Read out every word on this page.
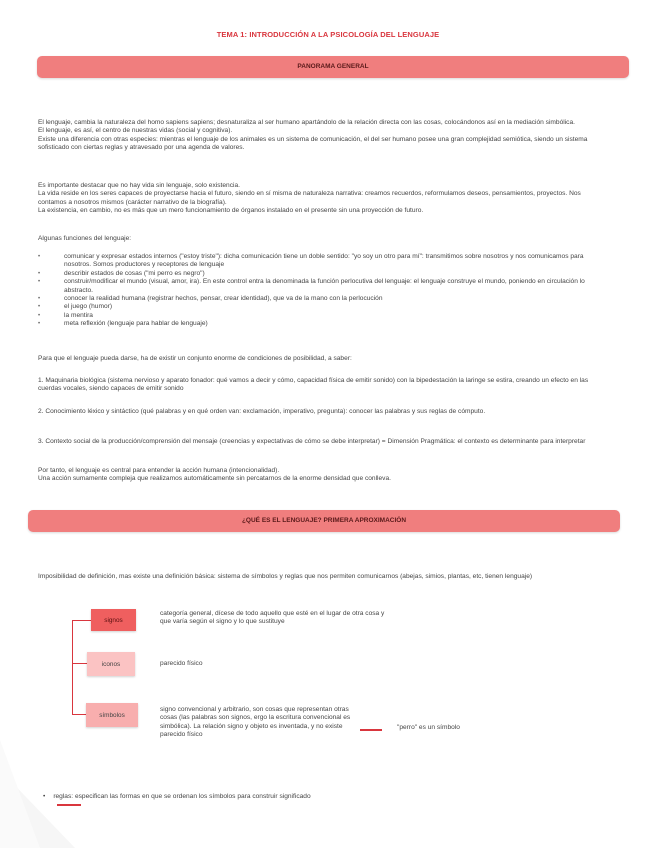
TEMA 1: INTRODUCCIÓN A LA PSICOLOGÍA DEL LENGUAJE
PANORAMA GENERAL

El lenguaje, cambia la naturaleza del homo sapiens sapiens; desnaturaliza al ser humano apartándolo de la relación directa con las cosas, colocándonos así en la mediación simbólica.

El lenguaje, es así, el centro de nuestras vidas (social y cognitiva).

Existe una diferencia con otras especies: mientras el lenguaje de los animales es un sistema de comunicación, el del ser humano posee una gran complejidad semiótica, siendo un sistema sofisticado con ciertas reglas y atravesado por una agenda de valores.

Es importante destacar que no hay vida sin lenguaje, solo existencia.

La vida reside en los seres capaces de proyectarse hacia el futuro, siendo en sí misma de naturaleza narrativa: creamos recuerdos, reformulamos deseos, pensamientos, proyectos. Nos contamos a nosotros mismos (carácter narrativo de la biografía).

La existencia, en cambio, no es más que un mero funcionamiento de órganos instalado en el presente sin una proyección de futuro.

Algunas funciones del lenguaje:
• comunicar y expresar estados internos ("estoy triste"): dicha comunicación tiene un doble sentido: "yo soy un otro para mí": transmitimos sobre nosotros y nos comunicamos para nosotros. Somos productores y receptores de lenguaje
• describir estados de cosas ("mi perro es negro")
• construir/modificar el mundo (visual, amor, ira). En este control entra la denominada la función perlocutiva del lenguaje: el lenguaje construye el mundo, poniendo en circulación lo abstracto.
• conocer la realidad humana (registrar hechos, pensar, crear identidad), que va de la mano con la perlocución
• el juego (humor)
• la mentira
• meta reflexión (lenguaje para hablar de lenguaje)
Para que el lenguaje pueda darse, ha de existir un conjunto enorme de condiciones de posibilidad, a saber:
1. Maquinaria biológica (sistema nervioso y aparato fonador: qué vamos a decir y cómo, capacidad física de emitir sonido) con la bipedestación la laringe se estira, creando un efecto en las cuerdas vocales, siendo capaces de emitir sonido
2. Conocimiento léxico y sintáctico (qué palabras y en qué orden van: exclamación, imperativo, pregunta): conocer las palabras y sus reglas de cómputo.
3. Contexto social de la producción/comprensión del mensaje (creencias y expectativas de cómo se debe interpretar) = Dimensión Pragmática: el contexto es determinante para interpretar

Por tanto, el lenguaje es central para entender la acción humana (intencionalidad).

Una acción sumamente compleja que realizamos automáticamente sin percatarnos de la enorme densidad que conlleva.

¿QUÉ ES EL LENGUAJE? PRIMERA APROXIMACIÓN
Imposibilidad de definición, mas existe una definición básica: sistema de símbolos y reglas que nos permiten comunicarnos (abejas, simios, plantas, etc, tienen lenguaje)
signos
categoría general, dícese de todo aquello que esté en el lugar de otra cosa y que varía según el signo y lo que sustituye
iconos	parecido físico
símbolos
signo convencional y arbitrario, son cosas que representan otras cosas (las palabras son signos, ergo la escritura convencional es simbólica). La relación signo y objeto es inventada, y no existe parecido físico
"perro" es un símbolo
• reglas: especifican las formas en que se ordenan los símbolos para construir significado
